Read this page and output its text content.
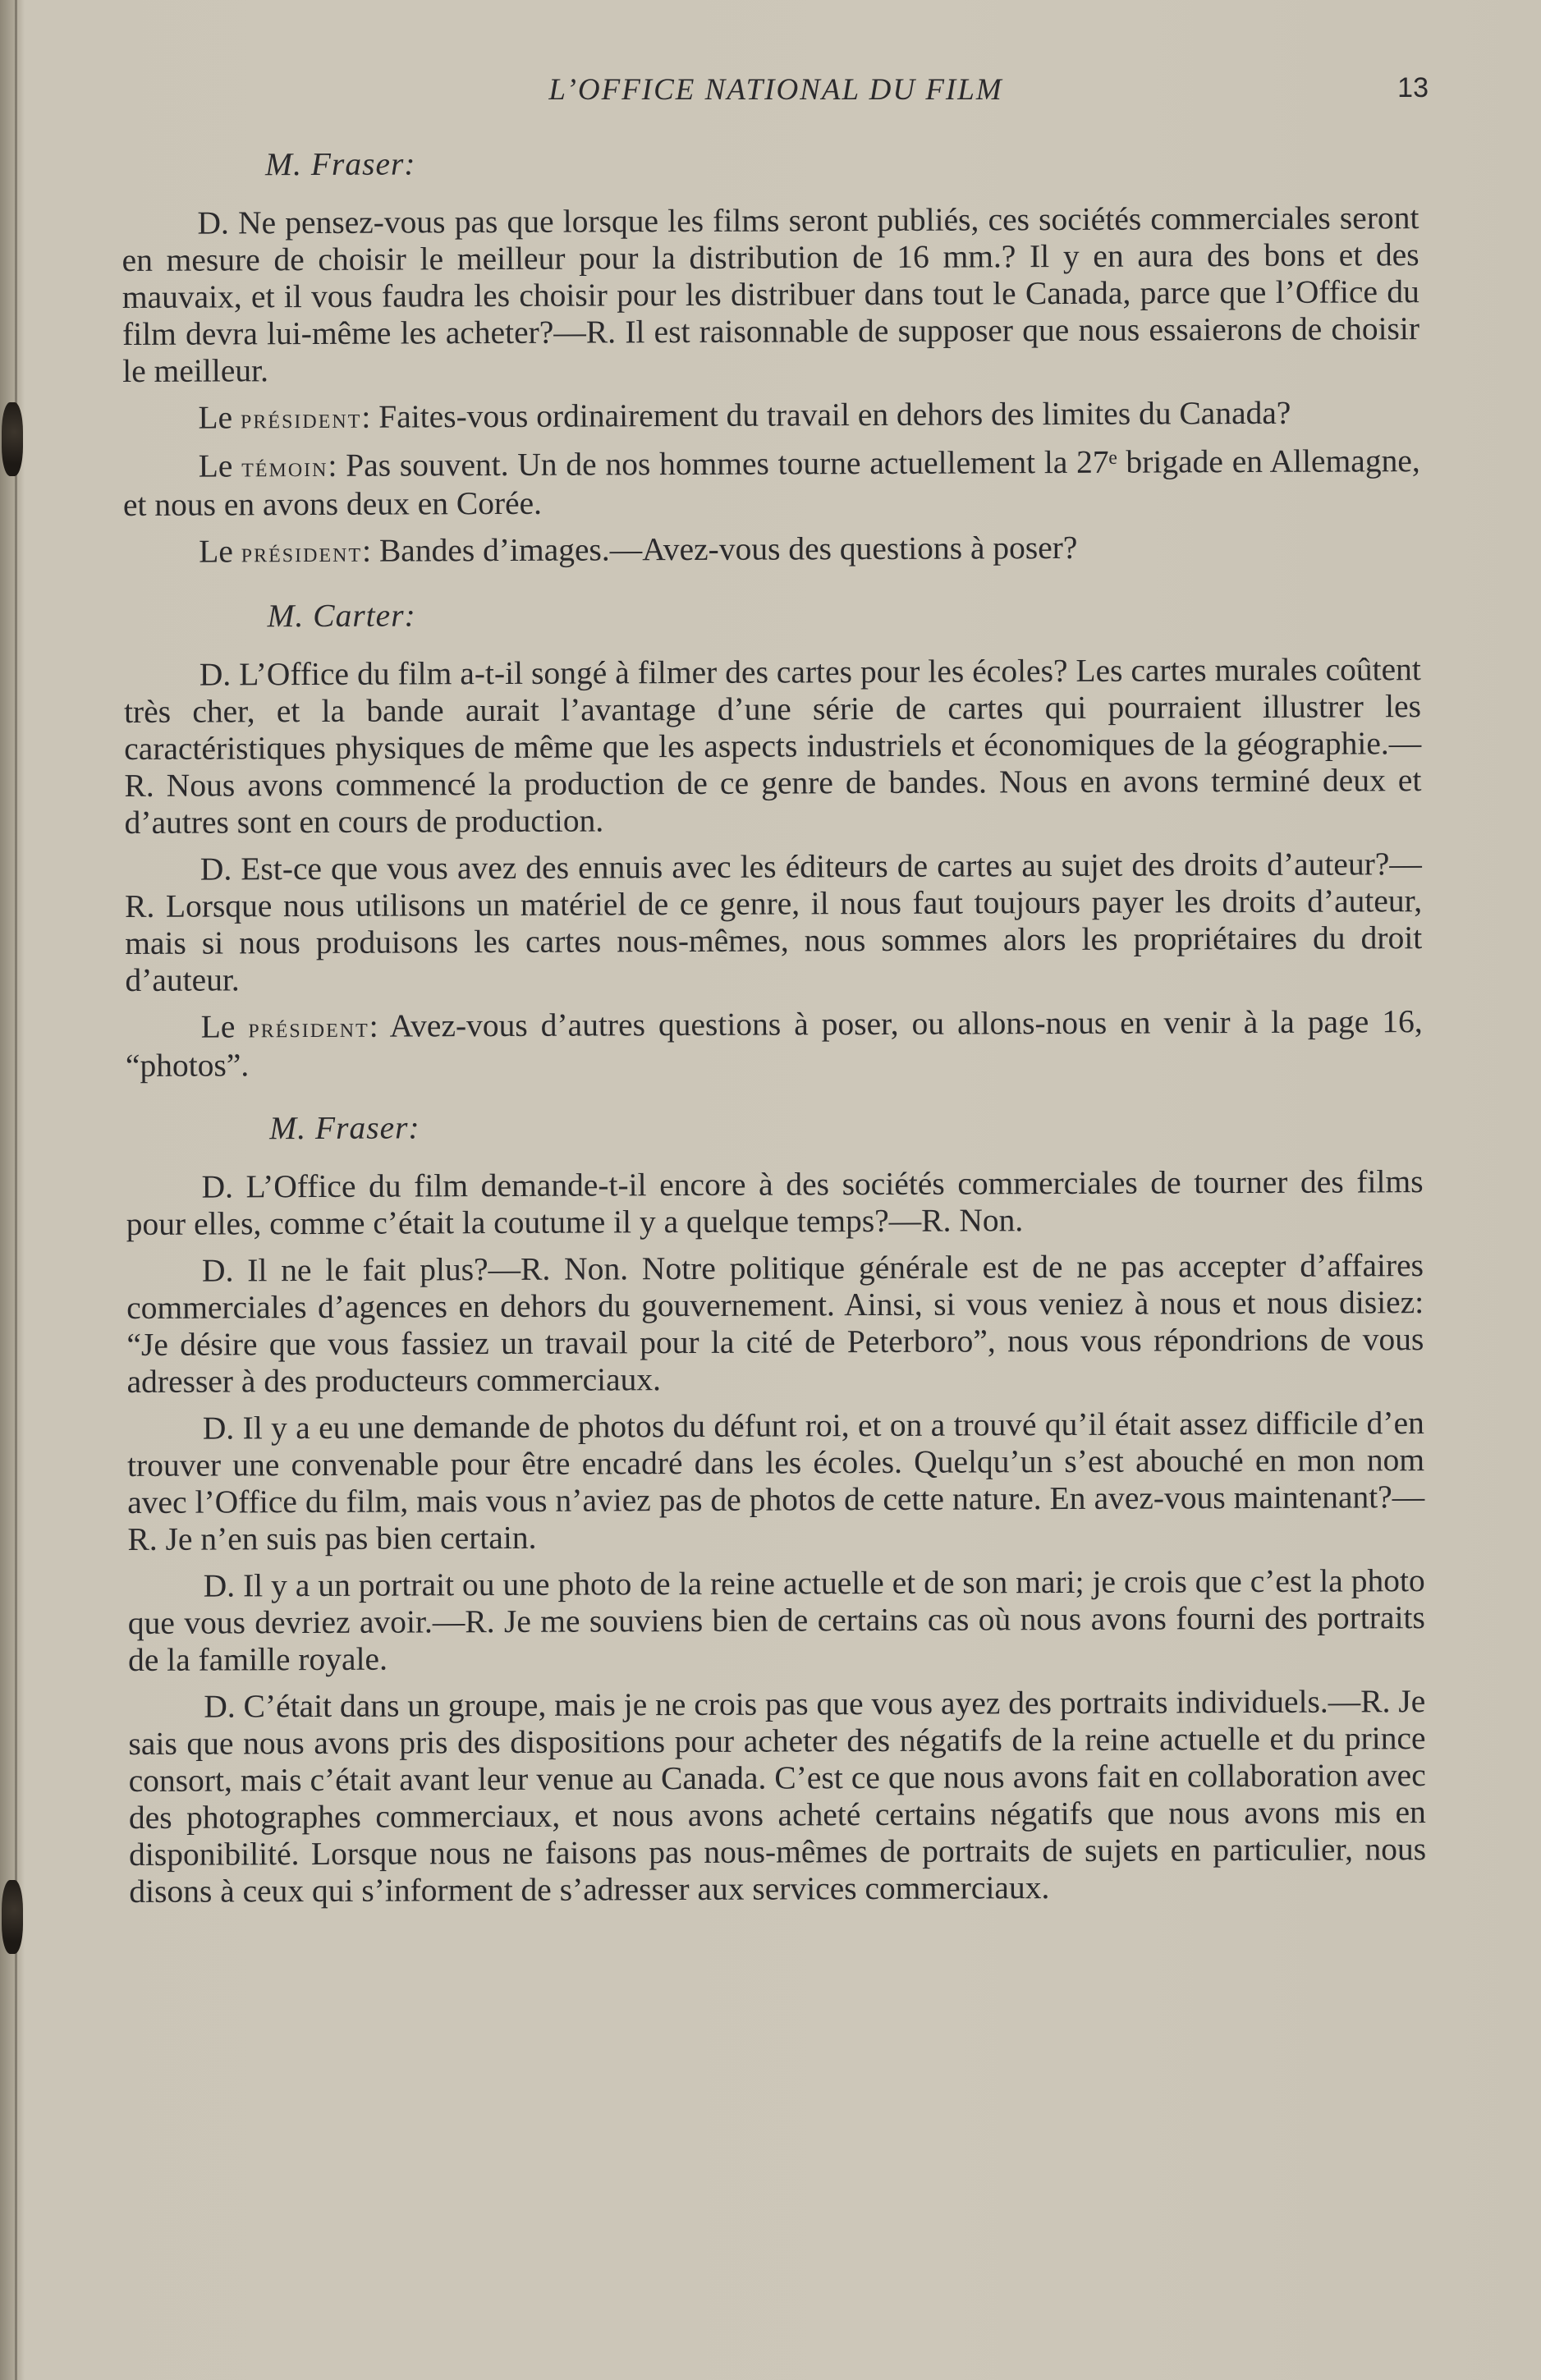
L’OFFICE NATIONAL DU FILM	13

M. Fraser:

D. Ne pensez-vous pas que lorsque les films seront publiés, ces sociétés commerciales seront en mesure de choisir le meilleur pour la distribution de 16 mm.? Il y en aura des bons et des mauvaix, et il vous faudra les choisir pour les distribuer dans tout le Canada, parce que l’Office du film devra lui-même les acheter?—R. Il est raisonnable de supposer que nous essaierons de choisir le meilleur.

Le président: Faites-vous ordinairement du travail en dehors des limites du Canada?

Le témoin: Pas souvent. Un de nos hommes tourne actuellement la 27ᵉ brigade en Allemagne, et nous en avons deux en Corée.

Le président: Bandes d’images.—Avez-vous des questions à poser?

M. Carter:

D. L’Office du film a-t-il songé à filmer des cartes pour les écoles? Les cartes murales coûtent très cher, et la bande aurait l’avantage d’une série de cartes qui pourraient illustrer les caractéristiques physiques de même que les aspects industriels et économiques de la géographie.—R. Nous avons commencé la production de ce genre de bandes. Nous en avons terminé deux et d’autres sont en cours de production.

D. Est-ce que vous avez des ennuis avec les éditeurs de cartes au sujet des droits d’auteur?—R. Lorsque nous utilisons un matériel de ce genre, il nous faut toujours payer les droits d’auteur, mais si nous produisons les cartes nous-mêmes, nous sommes alors les propriétaires du droit d’auteur.

Le président: Avez-vous d’autres questions à poser, ou allons-nous en venir à la page 16, “photos”.

M. Fraser:

D. L’Office du film demande-t-il encore à des sociétés commerciales de tourner des films pour elles, comme c’était la coutume il y a quelque temps?—R. Non.

D. Il ne le fait plus?—R. Non. Notre politique générale est de ne pas accepter d’affaires commerciales d’agences en dehors du gouvernement. Ainsi, si vous veniez à nous et nous disiez: “Je désire que vous fassiez un travail pour la cité de Peterboro”, nous vous répondrions de vous adresser à des producteurs commerciaux.

D. Il y a eu une demande de photos du défunt roi, et on a trouvé qu’il était assez difficile d’en trouver une convenable pour être encadré dans les écoles. Quelqu’un s’est abouché en mon nom avec l’Office du film, mais vous n’aviez pas de photos de cette nature. En avez-vous maintenant?—R. Je n’en suis pas bien certain.

D. Il y a un portrait ou une photo de la reine actuelle et de son mari; je crois que c’est la photo que vous devriez avoir.—R. Je me souviens bien de certains cas où nous avons fourni des portraits de la famille royale.

D. C’était dans un groupe, mais je ne crois pas que vous ayez des portraits individuels.—R. Je sais que nous avons pris des dispositions pour acheter des négatifs de la reine actuelle et du prince consort, mais c’était avant leur venue au Canada. C’est ce que nous avons fait en collaboration avec des photographes commerciaux, et nous avons acheté certains négatifs que nous avons mis en disponibilité. Lorsque nous ne faisons pas nous-mêmes de portraits de sujets en particulier, nous disons à ceux qui s’informent de s’adresser aux services commerciaux.
